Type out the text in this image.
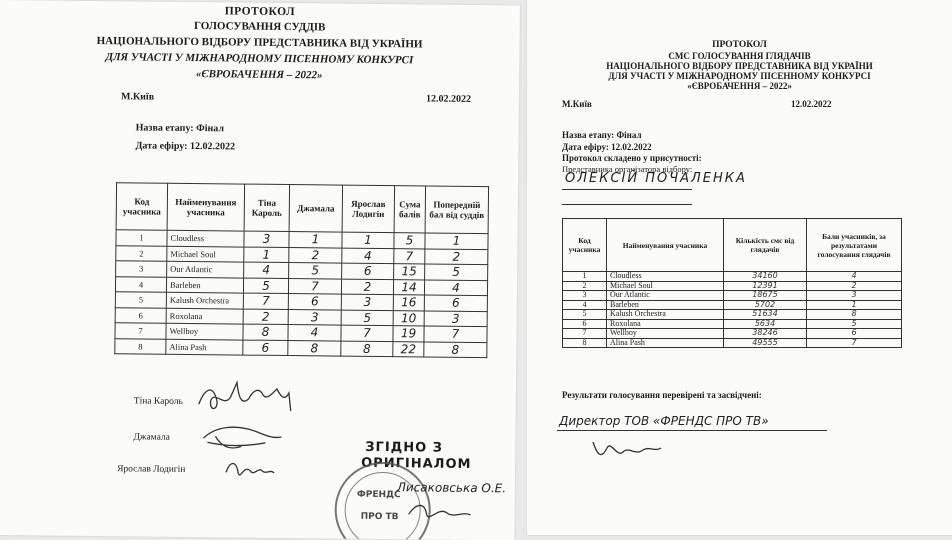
ПРОТОКОЛ
ГОЛОСУВАННЯ СУДДІВ
НАЦІОНАЛЬНОГО ВІДБОРУ ПРЕДСТАВНИКА ВІД УКРАЇНИ
ДЛЯ УЧАСТІ У МІЖНАРОДНОМУ ПІСЕННОМУ КОНКУРСІ
«ЄВРОБАЧЕННЯ – 2022»
М.Київ	12.02.2022
Назва етапу: Фінал
Дата ефіру: 12.02.2022
Код учасника	Найменування учасника	Тіна Кароль	Джамала	Ярослав Лодигін	Сума балів	Попередній бал від суддів
1	Cloudless	3	1	1	5	1
2	Michael Soul	1	2	4	7	2
3	Our Atlantic	4	5	6	15	5
4	Barleben	5	7	2	14	4
5	Kalush Orchestra	7	6	3	16	6
6	Roxolana	2	3	5	10	3
7	Wellboy	8	4	7	19	7
8	Alina Pash	6	8	8	22	8
Тіна Кароль
Джамала
Ярослав Лодигін
ЗГІДНО З
ОРИГІНАЛОМ
ФРЕНДС
ПРО ТВ
Лисаковська О.Е.
ПРОТОКОЛ
СМС ГОЛОСУВАННЯ ГЛЯДАЧІВ
НАЦІОНАЛЬНОГО ВІДБОРУ ПРЕДСТАВНИКА ВІД УКРАЇНИ
ДЛЯ УЧАСТІ У МІЖНАРОДНОМУ ПІСЕННОМУ КОНКУРСІ
«ЄВРОБАЧЕННЯ – 2022»
М.Київ	12.02.2022
Назва етапу: Фінал
Дата ефіру: 12.02.2022
Протокол складено у присутності:
Представника організатора відбору:
ОЛЕКСІЙ ПОЧАЛЕНКА
Код учасника	Найменування учасника	Кількість смс від глядачів	Бали учасників, за результатами голосування глядачів
1	Cloudless	34160	4
2	Michael Soul	12391	2
3	Our Atlantic	18675	3
4	Barleben	5702	1
5	Kalush Orchestra	51634	8
6	Roxolana	5634	5
7	Wellboy	38246	6
8	Alina Pash	49555	7
Результати голосування перевірені та засвідчені:
Директор ТОВ «ФРЕНДС ПРО ТВ»
